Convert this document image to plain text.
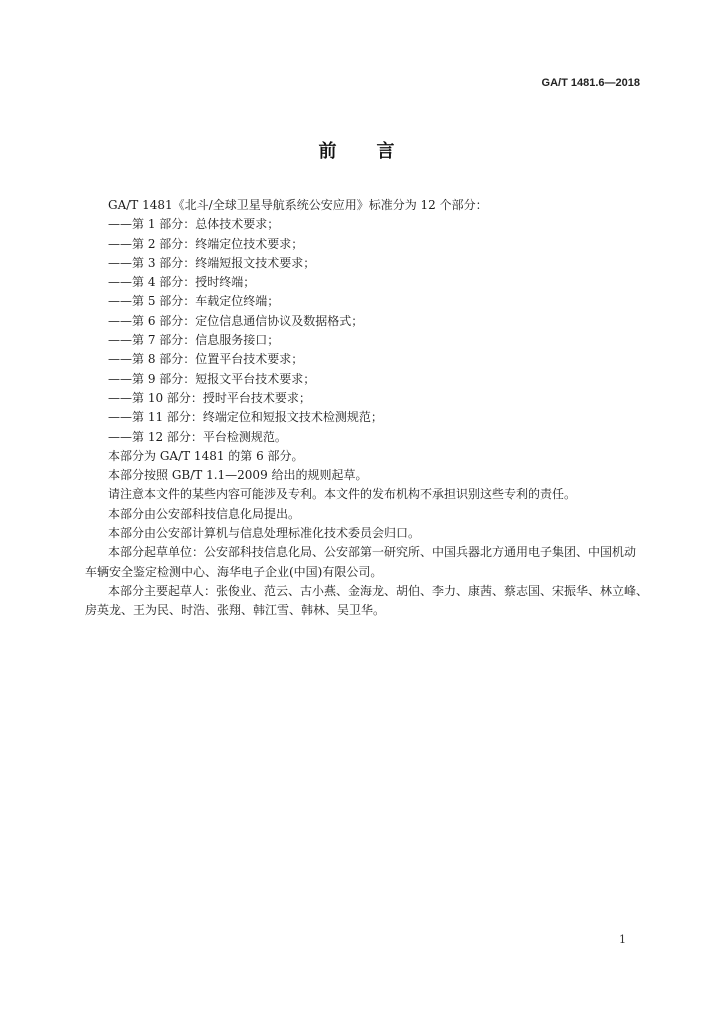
GA/T 1481.6—2018
前　言
GA/T 1481《北斗/全球卫星导航系统公安应用》标准分为 12 个部分：
——第 1 部分：总体技术要求；
——第 2 部分：终端定位技术要求；
——第 3 部分：终端短报文技术要求；
——第 4 部分：授时终端；
——第 5 部分：车载定位终端；
——第 6 部分：定位信息通信协议及数据格式；
——第 7 部分：信息服务接口；
——第 8 部分：位置平台技术要求；
——第 9 部分：短报文平台技术要求；
——第 10 部分：授时平台技术要求；
——第 11 部分：终端定位和短报文技术检测规范；
——第 12 部分：平台检测规范。
本部分为 GA/T 1481 的第 6 部分。
本部分按照 GB/T 1.1—2009 给出的规则起草。
请注意本文件的某些内容可能涉及专利。本文件的发布机构不承担识别这些专利的责任。
本部分由公安部科技信息化局提出。
本部分由公安部计算机与信息处理标准化技术委员会归口。
本部分起草单位：公安部科技信息化局、公安部第一研究所、中国兵器北方通用电子集团、中国机动
车辆安全鉴定检测中心、海华电子企业(中国)有限公司。
本部分主要起草人：张俊业、范云、古小燕、金海龙、胡伯、李力、康茜、蔡志国、宋振华、林立峰、
房英龙、王为民、时浩、张翔、韩江雪、韩林、吴卫华。
1
